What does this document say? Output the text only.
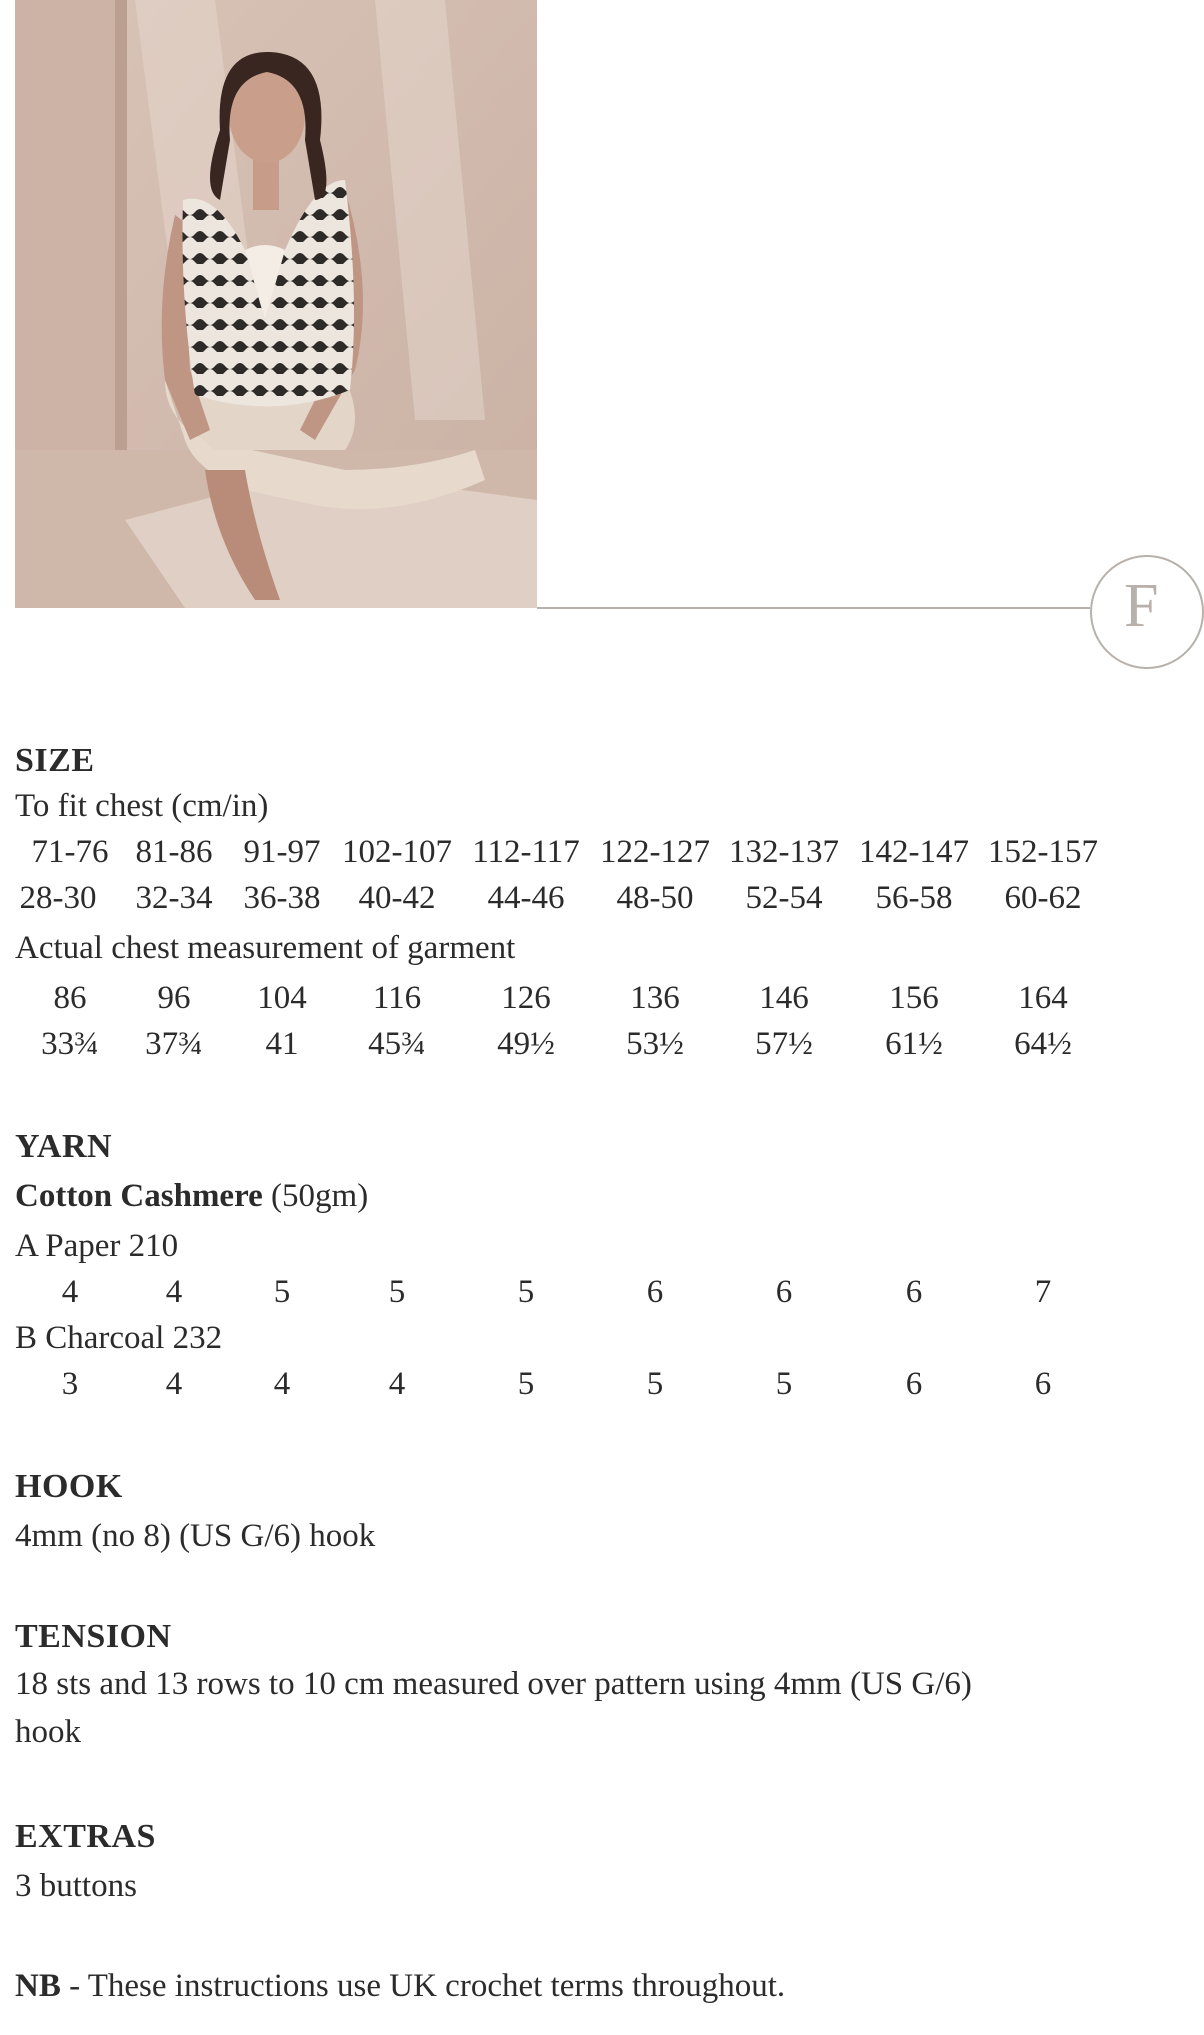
F
SIZE
To fit chest (cm/in)
71-76 81-86 91-97 102-107 112-117 122-127 132-137 142-147 152-157
28-30	32-34 36-38	40-42	44-46	48-50	52-54	56-58	60-62
Actual chest measurement of garment
86	96	104	116	126	136	146	156	164
33¾	37¾	41	45¾	49½	53½	57½	61½	64½
YARN
Cotton Cashmere (50gm)
A Paper 210
4	4	5	5	5	6	6	6	7
B Charcoal 232
3	4	4	4	5	5	5	6	6
HOOK
4mm (no 8) (US G/6) hook
TENSION
18 sts and 13 rows to 10 cm measured over pattern using 4mm (US G/6)
hook
EXTRAS
3 buttons
NB - These instructions use UK crochet terms throughout.
